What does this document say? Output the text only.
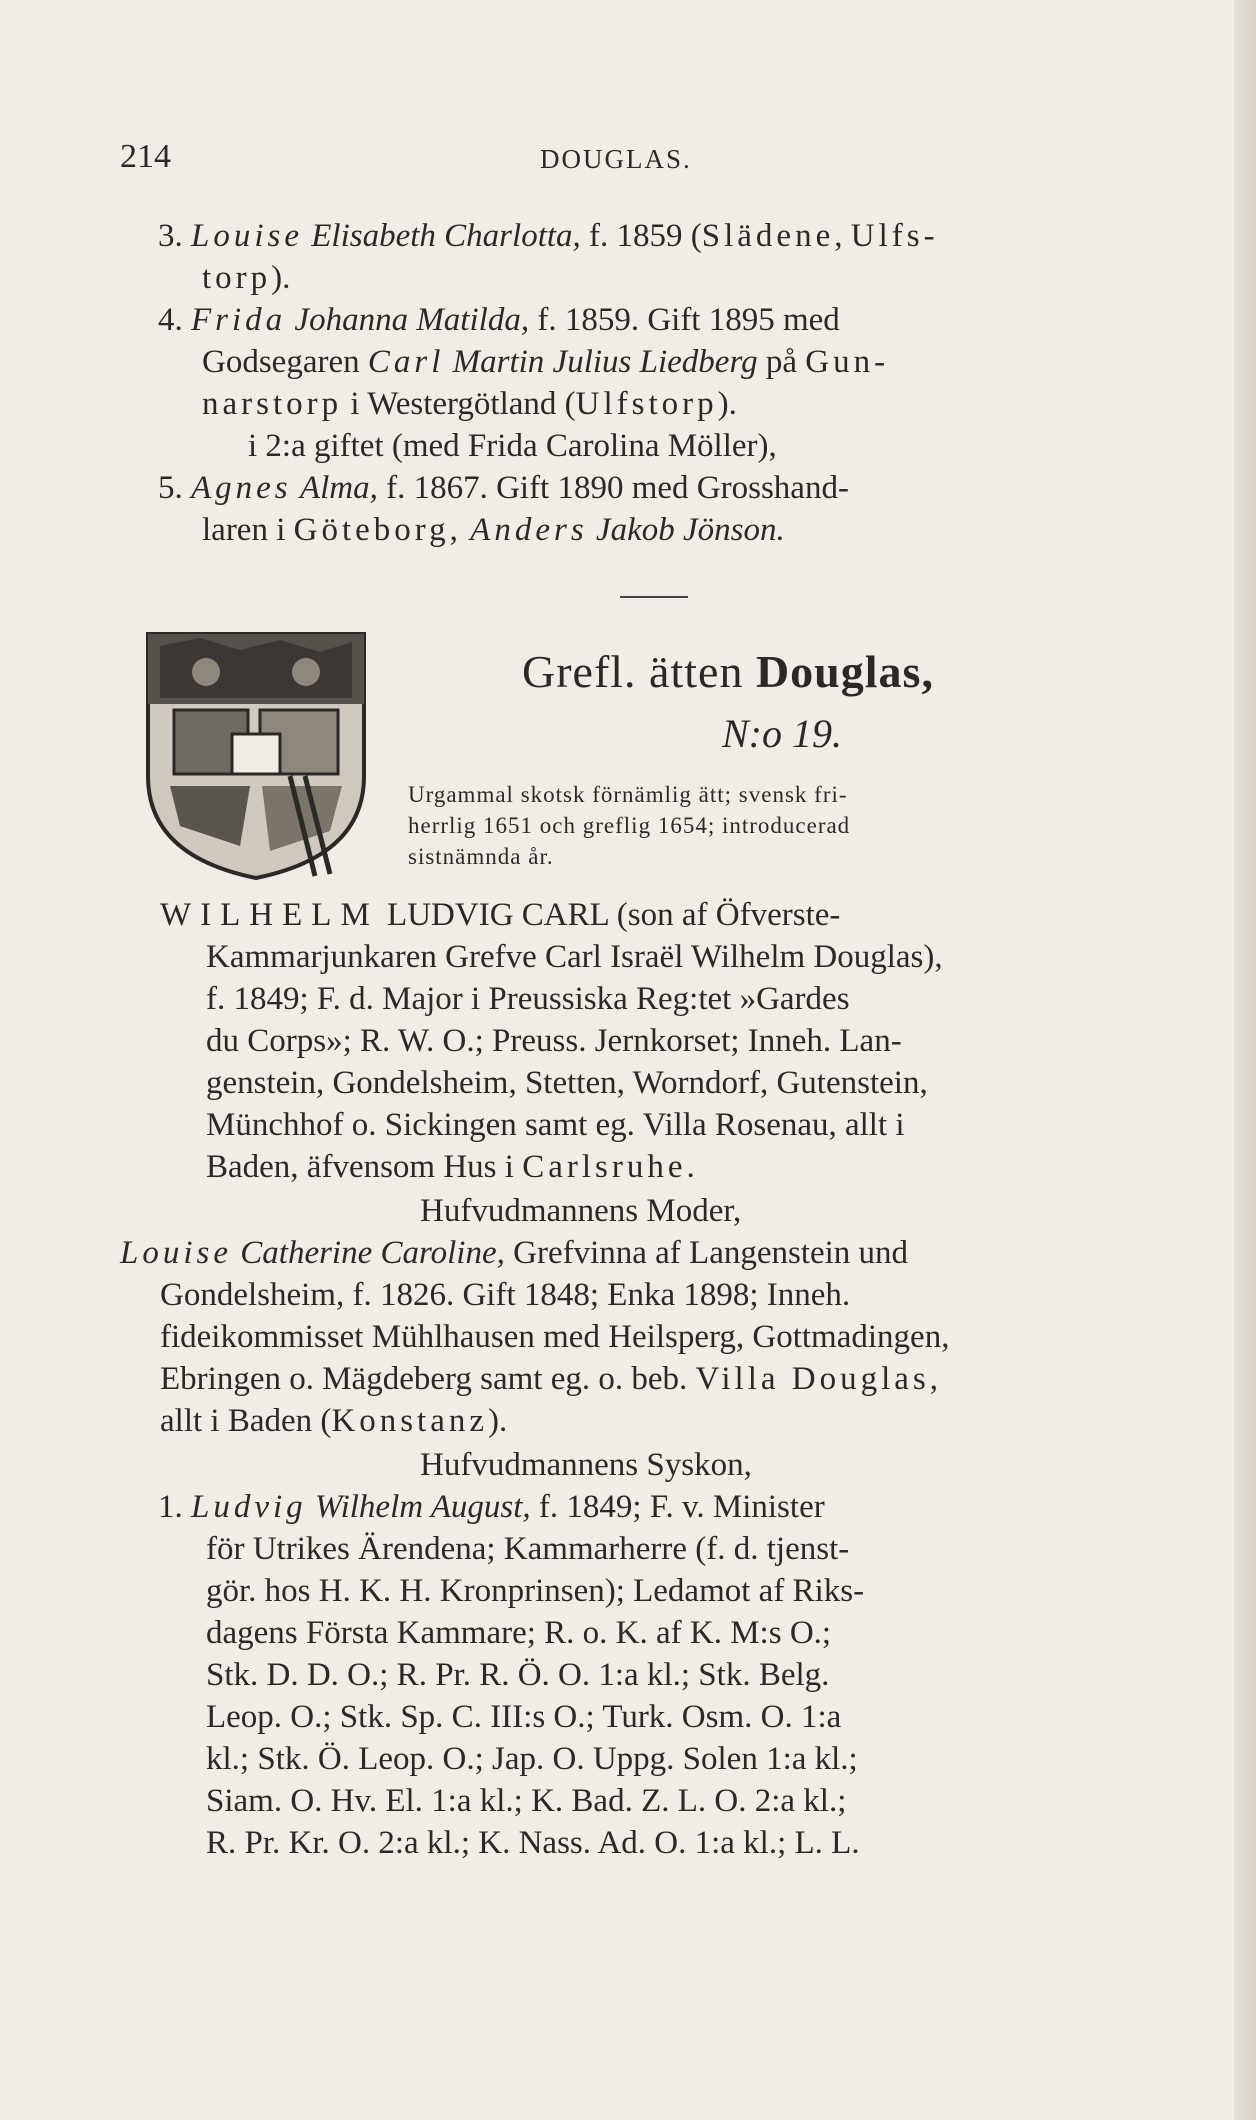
214	DOUGLAS.
3. Louise Elisabeth Charlotta, f. 1859 (Slädene, Ulfs-
torp).
4. Frida Johanna Matilda, f. 1859. Gift 1895 med
Godsegaren Carl Martin Julius Liedberg på Gun-
narstorp i Westergötland (Ulfstorp).
i 2:a giftet (med Frida Carolina Möller),
5. Agnes Alma, f. 1867. Gift 1890 med Grosshand-
laren i Göteborg, Anders Jakob Jönson.
Grefl. ätten Douglas,
N:o 19.
Urgammal skotsk förnämlig ätt; svensk fri-
herrlig 1651 och greflig 1654; introducerad
sistnämnda år.
WILHELM LUDVIG CARL (son af Öfverste-
Kammarjunkaren Grefve Carl Israël Wilhelm Douglas),
f. 1849; F. d. Major i Preussiska Reg:tet »Gardes
du Corps»; R. W. O.; Preuss. Jernkorset; Inneh. Lan-
genstein, Gondelsheim, Stetten, Worndorf, Gutenstein,
Münchhof o. Sickingen samt eg. Villa Rosenau, allt i
Baden, äfvensom Hus i Carlsruhe.
Hufvudmannens Moder,
Louise Catherine Caroline, Grefvinna af Langenstein und
Gondelsheim, f. 1826. Gift 1848; Enka 1898; Inneh.
fideikommisset Mühlhausen med Heilsperg, Gottmadingen,
Ebringen o. Mägdeberg samt eg. o. beb. Villa Douglas,
allt i Baden (Konstanz).
Hufvudmannens Syskon,
1. Ludvig Wilhelm August, f. 1849; F. v. Minister
för Utrikes Ärendena; Kammarherre (f. d. tjenst-
gör. hos H. K. H. Kronprinsen); Ledamot af Riks-
dagens Första Kammare; R. o. K. af K. M:s O.;
Stk. D. D. O.; R. Pr. R. Ö. O. 1:a kl.; Stk. Belg.
Leop. O.; Stk. Sp. C. III:s O.; Turk. Osm. O. 1:a
kl.; Stk. Ö. Leop. O.; Jap. O. Uppg. Solen 1:a kl.;
Siam. O. Hv. El. 1:a kl.; K. Bad. Z. L. O. 2:a kl.;
R. Pr. Kr. O. 2:a kl.; K. Nass. Ad. O. 1:a kl.; L. L.
